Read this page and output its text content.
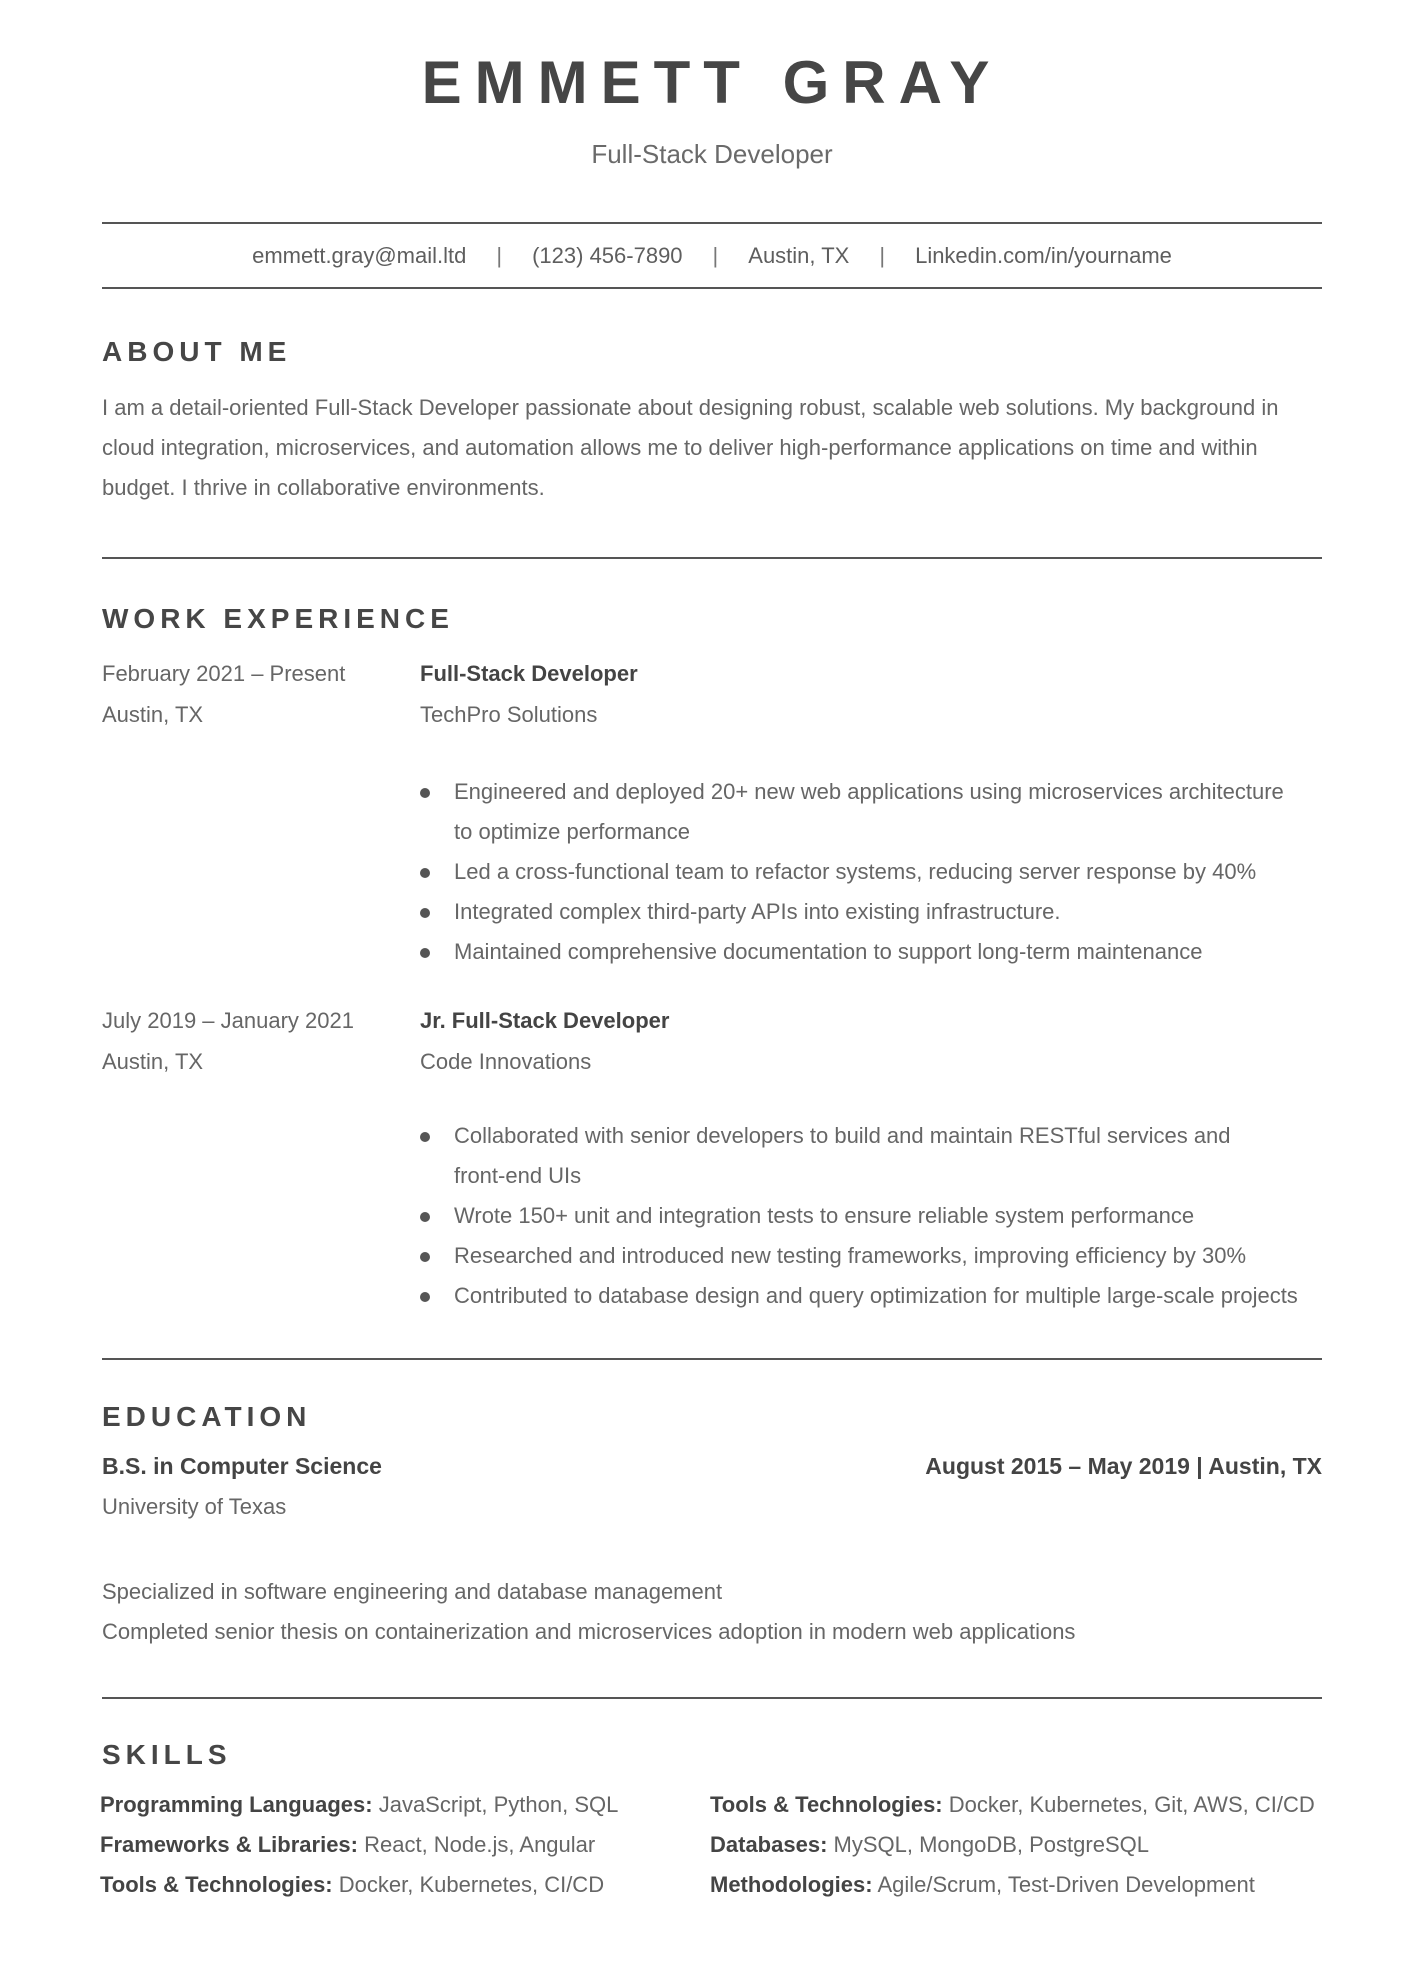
EMMETT GRAY
Full-Stack Developer
emmett.gray@mail.ltd | (123) 456-7890 | Austin, TX | Linkedin.com/in/yourname
ABOUT ME
I am a detail-oriented Full-Stack Developer passionate about designing robust, scalable web solutions. My background in
cloud integration, microservices, and automation allows me to deliver high-performance applications on time and within
budget. I thrive in collaborative environments.
WORK EXPERIENCE
February 2021 – Present
Austin, TX
Full-Stack Developer
TechPro Solutions
Engineered and deployed 20+ new web applications using microservices architecture
to optimize performance
Led a cross-functional team to refactor systems, reducing server response by 40%
Integrated complex third-party APIs into existing infrastructure.
Maintained comprehensive documentation to support long-term maintenance
July 2019 – January 2021
Austin, TX
Jr. Full-Stack Developer
Code Innovations
Collaborated with senior developers to build and maintain RESTful services and
front-end UIs
Wrote 150+ unit and integration tests to ensure reliable system performance
Researched and introduced new testing frameworks, improving efficiency by 30%
Contributed to database design and query optimization for multiple large-scale projects
EDUCATION
B.S. in Computer Science	August 2015 – May 2019 | Austin, TX
University of Texas
Specialized in software engineering and database management
Completed senior thesis on containerization and microservices adoption in modern web applications
SKILLS
Programming Languages: JavaScript, Python, SQL
Frameworks & Libraries: React, Node.js, Angular
Tools & Technologies: Docker, Kubernetes, CI/CD
Tools & Technologies: Docker, Kubernetes, Git, AWS, CI/CD
Databases: MySQL, MongoDB, PostgreSQL
Methodologies: Agile/Scrum, Test-Driven Development
